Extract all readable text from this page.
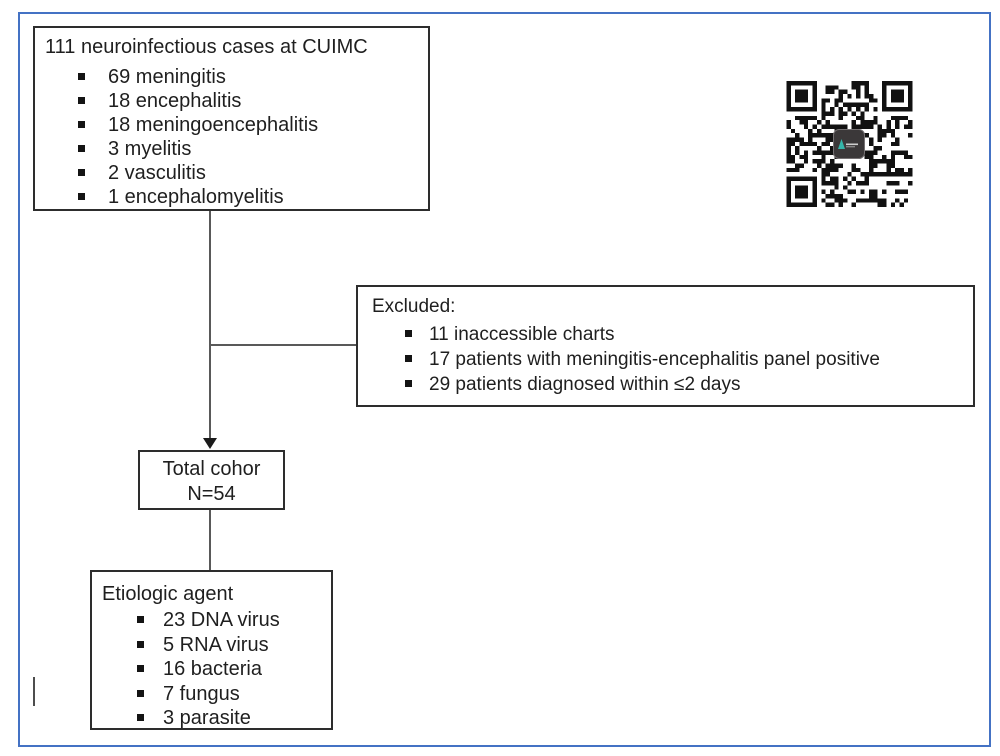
111 neuroinfectious cases at CUIMC
69 meningitis
18 encephalitis
18 meningoencephalitis
3 myelitis
2 vasculitis
1 encephalomyelitis
Excluded:
11 inaccessible charts
17 patients with meningitis-encephalitis panel positive
29 patients diagnosed within ≤2 days
Total cohor
N=54
Etiologic agent
23 DNA virus
5 RNA virus
16 bacteria
7 fungus
3 parasite
